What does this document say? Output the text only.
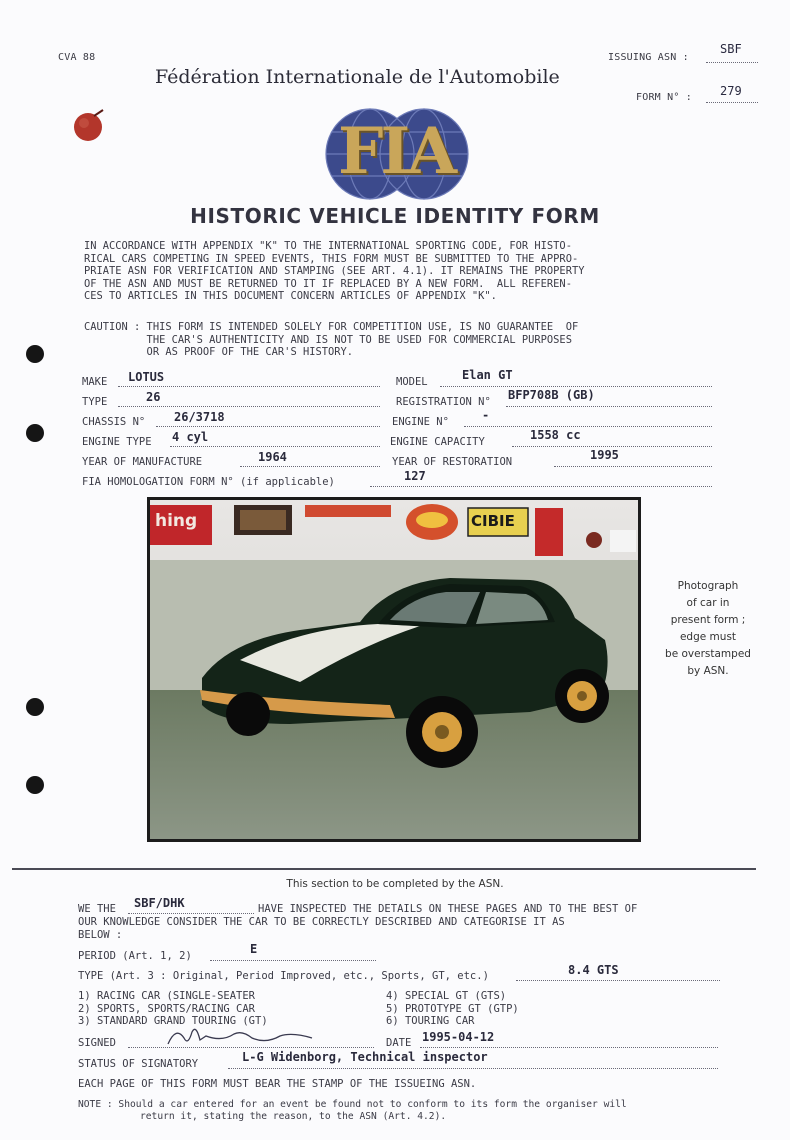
CVA 88
Fédération Internationale de l'Automobile
ISSUING ASN :
SBF
FORM N° : 279
FIA
HISTORIC VEHICLE IDENTITY FORM
IN ACCORDANCE WITH APPENDIX "K" TO THE INTERNATIONAL SPORTING CODE, FOR HISTO-
RICAL CARS COMPETING IN SPEED EVENTS, THIS FORM MUST BE SUBMITTED TO THE APPRO-
PRIATE ASN FOR VERIFICATION AND STAMPING (SEE ART. 4.1). IT REMAINS THE PROPERTY
OF THE ASN AND MUST BE RETURNED TO IT IF REPLACED BY A NEW FORM.  ALL REFEREN-
CES TO ARTICLES IN THIS DOCUMENT CONCERN ARTICLES OF APPENDIX "K".
CAUTION : THIS FORM IS INTENDED SOLELY FOR COMPETITION USE, IS NO GUARANTEE  OF
THE CAR'S AUTHENTICITY AND IS NOT TO BE USED FOR COMMERCIAL PURPOSES
OR AS PROOF OF THE CAR'S HISTORY.
MAKE LOTUS	MODEL	Elan GT
TYPE	26	REGISTRATION N° BFP708B (GB)
CHASSIS N° 26/3718	ENGINE N°	-
ENGINE TYPE 4 cyl	ENGINE CAPACITY	1558 cc
YEAR OF MANUFACTURE	1964	YEAR OF RESTORATION	1995
FIA HOMOLOGATION FORM N° (if applicable)	127
hing	CIBIE
Photograph
of car in
present form ;
edge must
be overstamped
by ASN.
This section to be completed by the ASN.
WE THE SBF/DHK	HAVE INSPECTED THE DETAILS ON THESE PAGES AND TO THE BEST OF
OUR KNOWLEDGE CONSIDER THE CAR TO BE CORRECTLY DESCRIBED AND CATEGORISE IT AS
BELOW :
PERIOD (Art. 1, 2)	E
TYPE (Art. 3 : Original, Period Improved, etc., Sports, GT, etc.)	8.4 GTS
1) RACING CAR (SINGLE-SEATER
2) SPORTS, SPORTS/RACING CAR
3) STANDARD GRAND TOURING (GT)
4) SPECIAL GT (GTS)
5) PROTOTYPE GT (GTP)
6) TOURING CAR
SIGNED	DATE 1995-04-12
STATUS OF SIGNATORY	L-G Widenborg, Technical inspector
EACH PAGE OF THIS FORM MUST BEAR THE STAMP OF THE ISSUEING ASN.
NOTE : Should a car entered for an event be found not to conform to its form the organiser will
return it, stating the reason, to the ASN (Art. 4.2).
